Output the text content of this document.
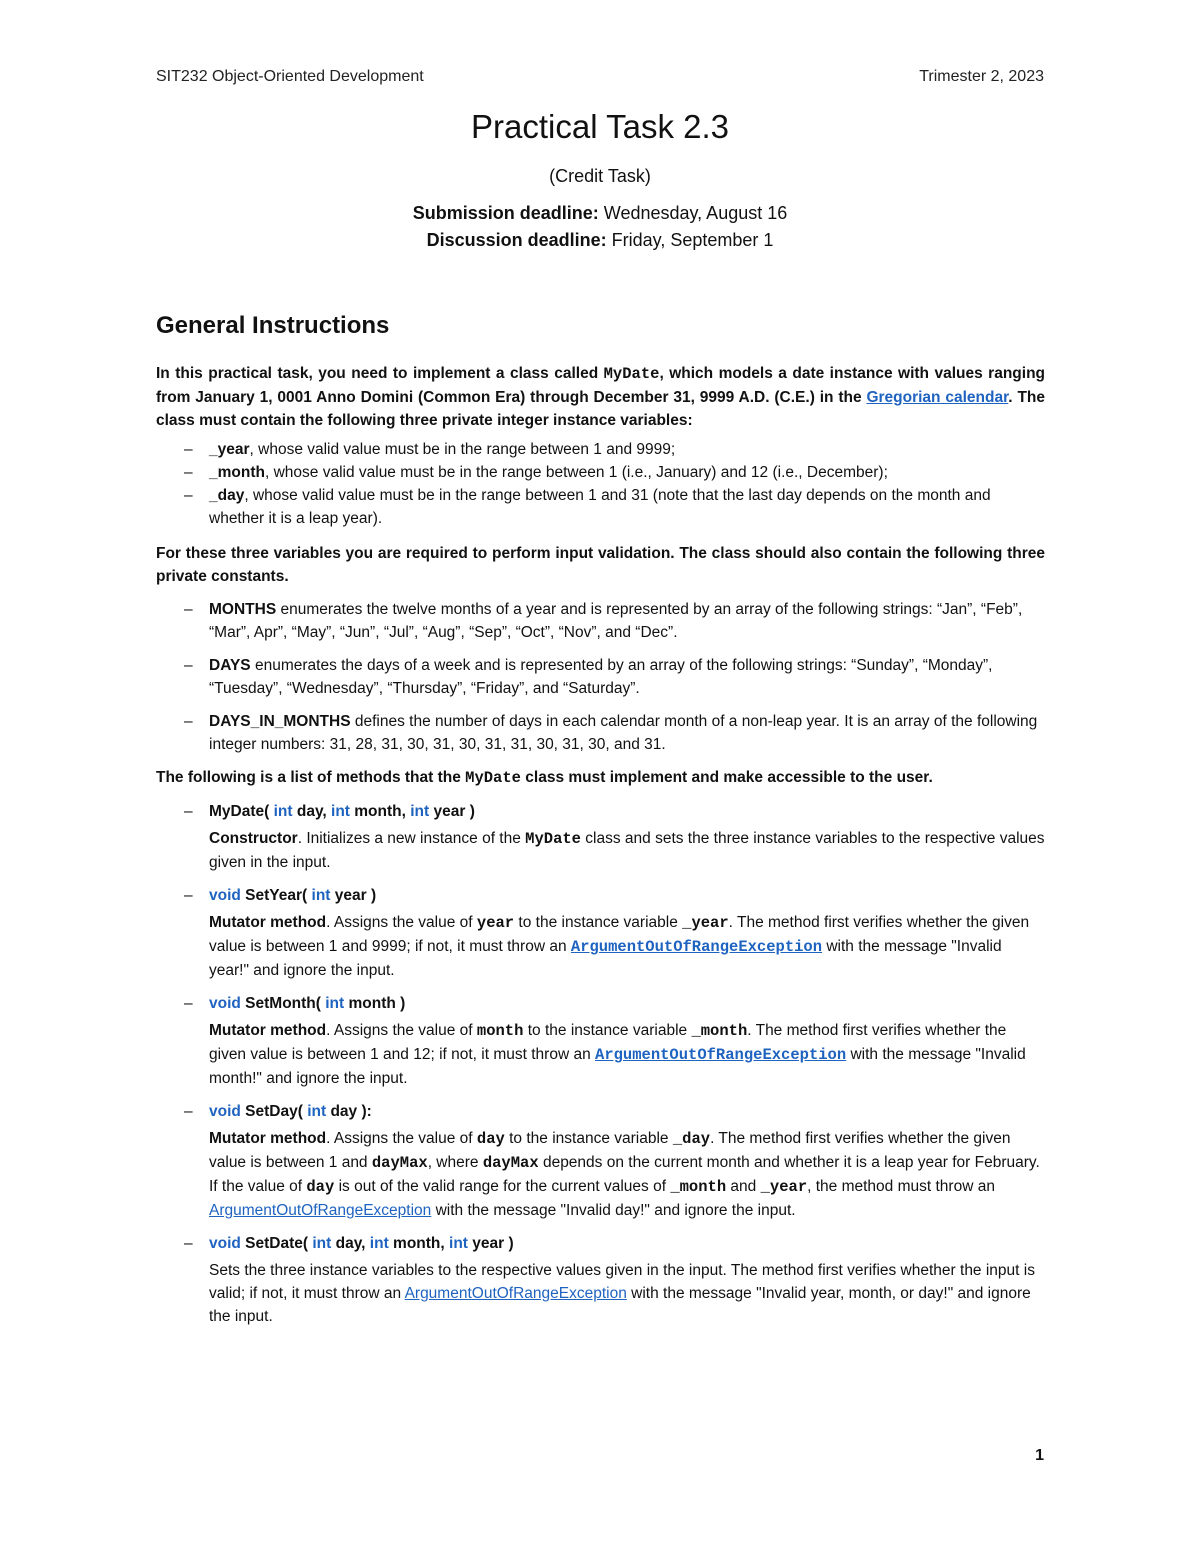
SIT232 Object-Oriented Development	Trimester 2, 2023
Practical Task 2.3
(Credit Task)
Submission deadline: Wednesday, August 16
Discussion deadline: Friday, September 1
General Instructions
In this practical task, you need to implement a class called MyDate, which models a date instance with values ranging from January 1, 0001 Anno Domini (Common Era) through December 31, 9999 A.D. (C.E.) in the Gregorian calendar. The class must contain the following three private integer instance variables:
– _year, whose valid value must be in the range between 1 and 9999;
– _month, whose valid value must be in the range between 1 (i.e., January) and 12 (i.e., December);
– _day, whose valid value must be in the range between 1 and 31 (note that the last day depends on the month and whether it is a leap year).
For these three variables you are required to perform input validation. The class should also contain the following three private constants.
– MONTHS enumerates the twelve months of a year and is represented by an array of the following strings: “Jan”, “Feb”, “Mar”, Apr”, “May”, “Jun”, “Jul”, “Aug”, “Sep”, “Oct”, “Nov”, and “Dec”.
– DAYS enumerates the days of a week and is represented by an array of the following strings: “Sunday”, “Monday”, “Tuesday”, “Wednesday”, “Thursday”, “Friday”, and “Saturday”.
– DAYS_IN_MONTHS defines the number of days in each calendar month of a non-leap year. It is an array of the following integer numbers: 31, 28, 31, 30, 31, 30, 31, 31, 30, 31, 30, and 31.
The following is a list of methods that the MyDate class must implement and make accessible to the user.
– MyDate( int day, int month, int year )
Constructor. Initializes a new instance of the MyDate class and sets the three instance variables to the respective values given in the input.
– void SetYear( int year )
Mutator method. Assigns the value of year to the instance variable _year. The method first verifies whether the given value is between 1 and 9999; if not, it must throw an ArgumentOutOfRangeException with the message "Invalid year!" and ignore the input.
– void SetMonth( int month )
Mutator method. Assigns the value of month to the instance variable _month. The method first verifies whether the given value is between 1 and 12; if not, it must throw an ArgumentOutOfRangeException with the message "Invalid month!" and ignore the input.
– void SetDay( int day ):
Mutator method. Assigns the value of day to the instance variable _day. The method first verifies whether the given value is between 1 and dayMax, where dayMax depends on the current month and whether it is a leap year for February. If the value of day is out of the valid range for the current values of _month and _year, the method must throw an ArgumentOutOfRangeException with the message "Invalid day!" and ignore the input.
– void SetDate( int day, int month, int year )
Sets the three instance variables to the respective values given in the input. The method first verifies whether the input is valid; if not, it must throw an ArgumentOutOfRangeException with the message "Invalid year, month, or day!" and ignore the input.
1
